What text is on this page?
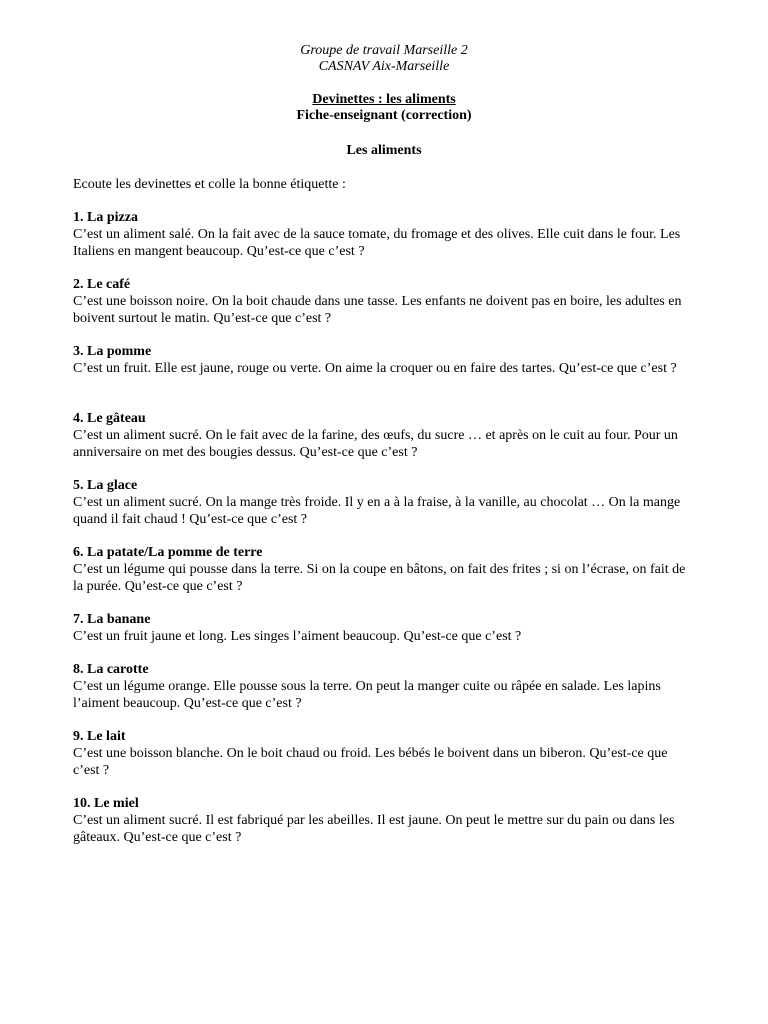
Groupe de travail Marseille 2
CASNAV Aix-Marseille
Devinettes : les aliments
Fiche-enseignant (correction)
Les aliments
Ecoute les devinettes et colle la bonne étiquette :
1. La pizza
C’est un aliment salé. On la fait avec de la sauce tomate, du fromage et des olives. Elle cuit dans le four. Les Italiens en mangent beaucoup. Qu’est-ce que c’est ?
2. Le café
C’est une boisson noire. On la boit chaude dans une tasse. Les enfants ne doivent pas en boire, les adultes en boivent surtout le matin. Qu’est-ce que c’est ?
3. La pomme
C’est un fruit. Elle est jaune, rouge ou verte. On aime la croquer ou en faire des tartes. Qu’est-ce que c’est ?
4. Le gâteau
C’est un aliment sucré. On le fait avec de la farine, des œufs, du sucre … et après on le cuit au four. Pour un anniversaire on met des bougies dessus. Qu’est-ce que c’est ?
5. La glace
C’est un aliment sucré. On la mange très froide. Il y en a à la fraise, à la vanille, au chocolat … On la mange quand il fait chaud ! Qu’est-ce que c’est ?
6. La patate/La pomme de terre
C’est un légume qui pousse dans la terre. Si on la coupe en bâtons, on fait des frites ; si on l’écrase, on fait de la purée. Qu’est-ce que c’est ?
7. La banane
C’est un fruit jaune et long. Les singes l’aiment beaucoup. Qu’est-ce que c’est ?
8. La carotte
C’est un légume orange. Elle pousse sous la terre. On peut la manger cuite ou râpée en salade. Les lapins l’aiment beaucoup. Qu’est-ce que c’est ?
9. Le lait
C’est une boisson blanche. On le boit chaud ou froid. Les bébés le boivent dans un biberon. Qu’est-ce que c’est ?
10. Le miel
C’est un aliment sucré. Il est fabriqué par les abeilles. Il est jaune. On peut le mettre sur du pain ou dans les gâteaux. Qu’est-ce que c’est ?
